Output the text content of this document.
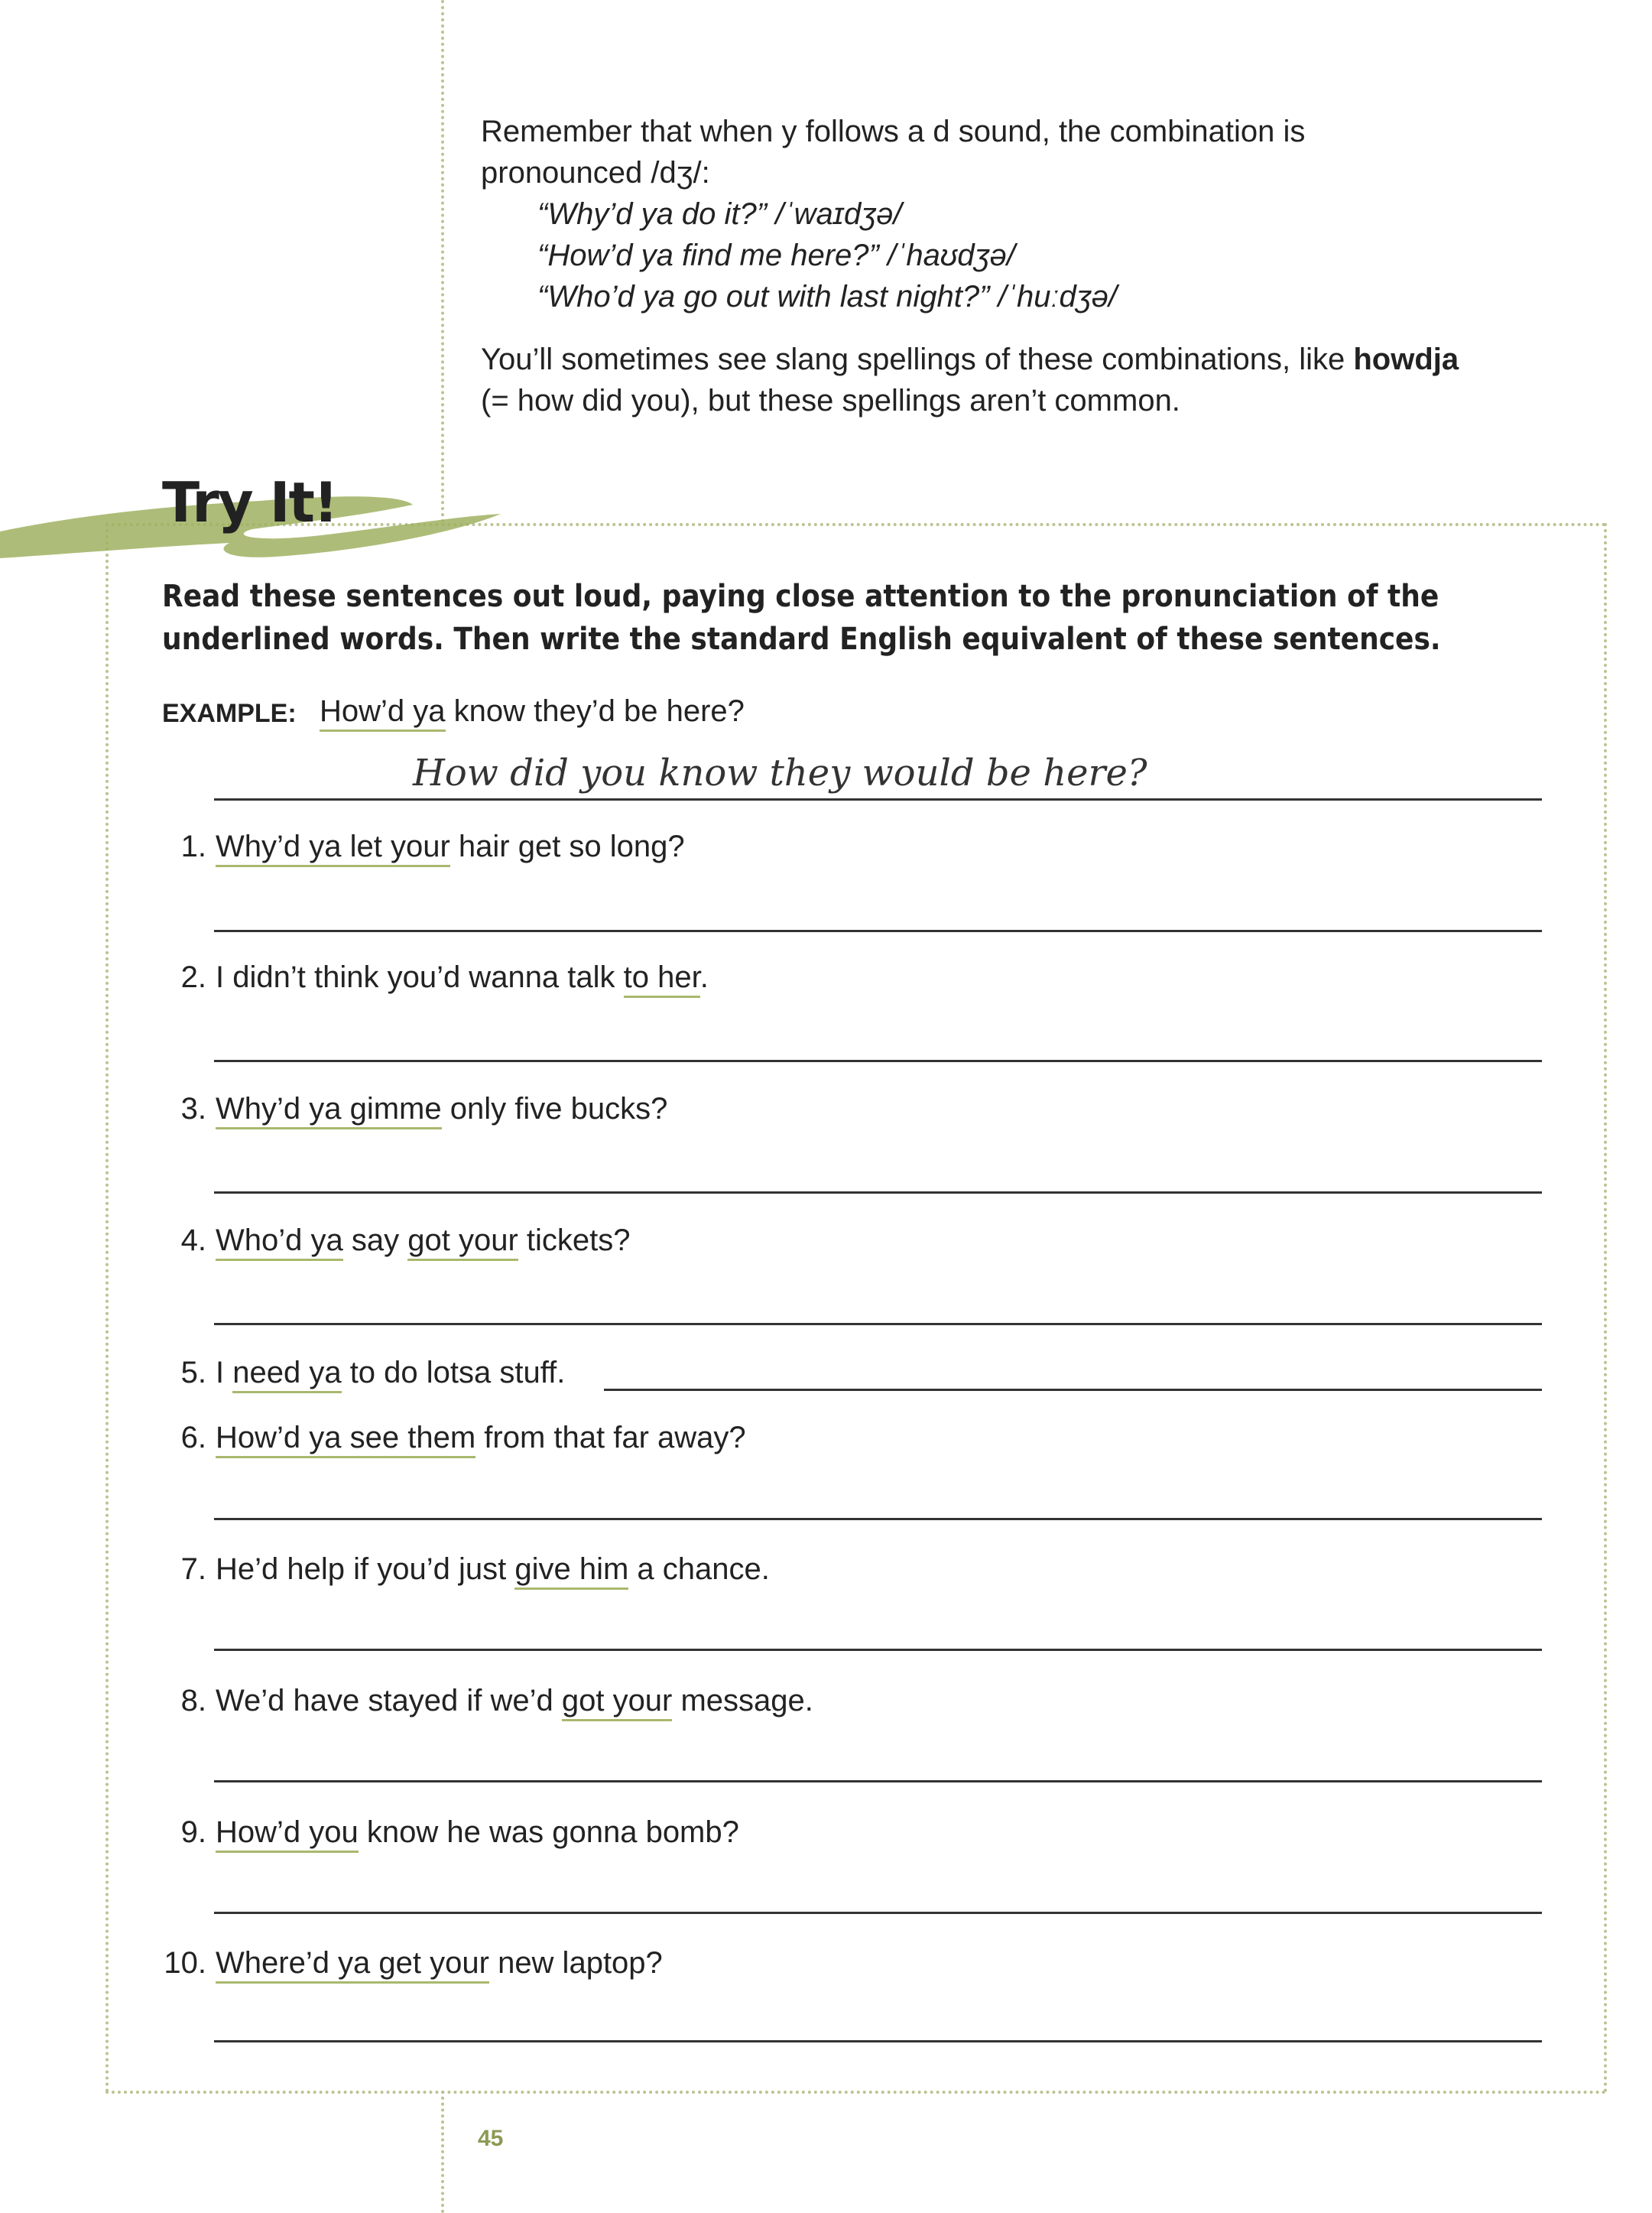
Remember that when y follows a d sound, the combination is

pronounced /dʒ/:

“Why’d ya do it?” /ˈwaɪdʒə/

“How’d ya find me here?” /ˈhaʊdʒə/

“Who’d ya go out with last night?” /ˈhuːdʒə/

You’ll sometimes see slang spellings of these combinations, like howdja
(= how did you), but these spellings aren’t common.

Try It!
Read these sentences out loud, paying close attention to the pronunciation of the underlined words. Then write the standard English equivalent of these sentences.
EXAMPLE: How’d ya know they’d be here?
How did you know they would be here?
1. Why’d ya let your hair get so long?
2. I didn’t think you’d wanna talk to her.
3. Why’d ya gimme only five bucks?
4. Who’d ya say got your tickets?
5. I need ya to do lotsa stuff.
6. How’d ya see them from that far away?
7. He’d help if you’d just give him a chance.
8. We’d have stayed if we’d got your message.
9. How’d you know he was gonna bomb?
10. Where’d ya get your new laptop?
45
